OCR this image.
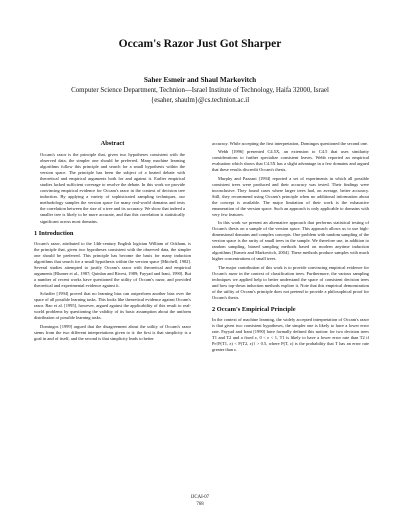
Occam's Razor Just Got Sharper
Saher Esmeir and Shaul Markovitch
Computer Science Department, Technion—Israel Institute of Technology, Haifa 32000, Israel
{esaher, shaulm}@cs.technion.ac.il
Abstract

Occam's razor is the principle that, given two hypotheses consistent with the observed data, the simpler one should be preferred. Many machine learning algorithms follow this principle and search for a small hypothesis within the version space. The principle has been the subject of a heated debate with theoretical and empirical arguments both for and against it. Earlier empirical studies lacked sufficient coverage to resolve the debate. In this work we provide convincing empirical evidence for Occam's razor in the context of decision tree induction. By applying a variety of sophisticated sampling techniques, our methodology samples the version space for many real-world domains and tests the correlation between the size of a tree and its accuracy. We show that indeed a smaller tree is likely to be more accurate, and that this correlation is statistically significant across most domains.

1 Introduction

Occam's razor, attributed to the 14th-century English logician William of Ockham, is the principle that, given two hypotheses consistent with the observed data, the simpler one should be preferred. This principle has become the basis for many induction algorithms that search for a small hypothesis within the version space [Mitchell, 1982]. Several studies attempted to justify Occam's razor with theoretical and empirical arguments [Blumer et al., 1987; Quinlan and Rivest, 1989; Fayyad and Irani, 1990]. But a number of recent works have questioned the utility of Occam's razor, and provided theoretical and experimental evidence against it.

Schaffer [1994] proved that no learning bias can outperform another bias over the space of all possible learning tasks. This looks like theoretical evidence against Occam's razor. Rao et al. [1995], however, argued against the applicability of this result to real-world problems by questioning the validity of its basic assumption about the uniform distribution of possible learning tasks.

Domingos [1999] argued that the disagreement about the utility of Occam's razor stems from the two different interpretations given to it: the first is that simplicity is a goal in and of itself, and the second is that simplicity leads to better

accuracy. While accepting the first interpretation, Domingos questioned the second one.

Webb [1996] presented C4.5X, an extension to C4.5 that uses similarity considerations to further specialize consistent leaves. Webb reported an empirical evaluation which shows that C4.5X has a slight advantage in a few domains and argued that these results discredit Occam's thesis.

Murphy and Pazzani [1994] reported a set of experiments in which all possible consistent trees were produced and their accuracy was tested. Their findings were inconclusive. They found cases where larger trees had, on average, better accuracy. Still, they recommend using Occam's principle when no additional information about the concept is available. The major limitation of their work is the exhaustive enumeration of the version space. Such an approach is only applicable to domains with very few features.

In this work we present an alternative approach that performs statistical testing of Occam's thesis on a sample of the version space. This approach allows us to use high-dimensional domains and complex concepts. One problem with random sampling of the version space is the rarity of small trees in the sample. We therefore use, in addition to random sampling, biased sampling methods based on modern anytime induction algorithms [Esmeir and Markovitch, 2004]. These methods produce samples with much higher concentrations of small trees.

The major contribution of this work is to provide convincing empirical evidence for Occam's razor in the context of classification trees. Furthermore, the various sampling techniques we applied help to better understand the space of consistent decision trees and how top-down induction methods explore it. Note that this empirical demonstration of the utility of Occam's principle does not pretend to provide a philosophical proof for Occam's thesis.

2 Occam's Empirical Principle

In the context of machine learning, the widely accepted interpretation of Occam's razor is that given two consistent hypotheses, the simpler one is likely to have a lower error rate. Fayyad and Irani [1990] have formally defined this notion: for two decision trees T1 and T2 and a fixed ε, 0 < ε < 1, T1 is likely to have a lower error rate than T2 if Pr{P(T1, ε) < P(T2, ε)} > 0.5, where P(T, ε) is the probability that T has an error rate greater than ε.

IJCAI-07
768
